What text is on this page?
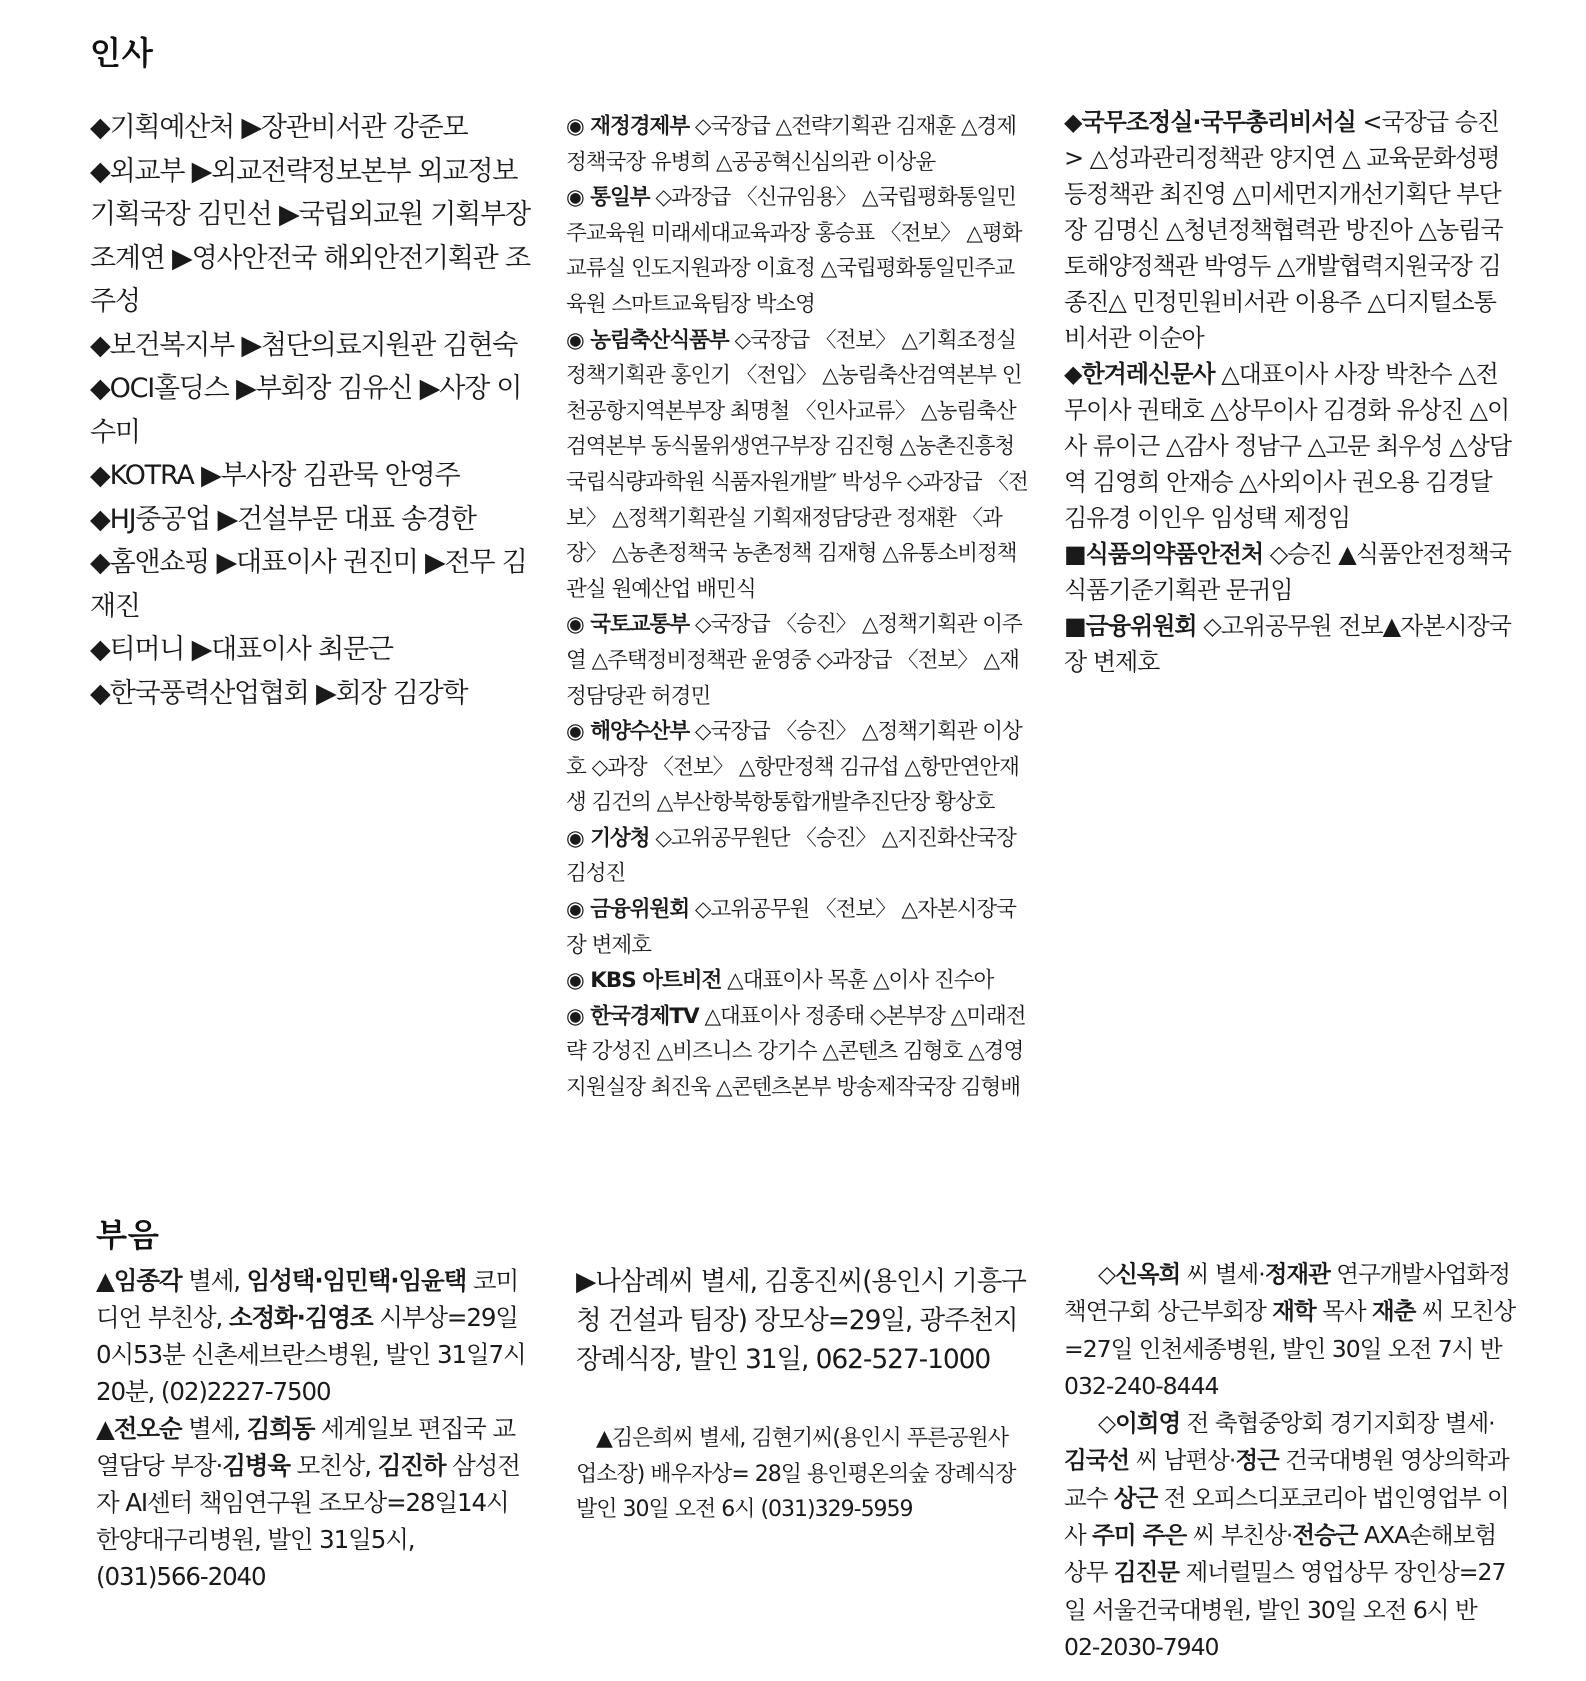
인사

◆기획예산처 ▶장관비서관 강준모

◆외교부 ▶외교전략정보본부 외교정보기획국장 김민선 ▶국립외교원 기획부장 조계연 ▶영사안전국 해외안전기획관 조주성

◆보건복지부 ▶첨단의료지원관 김현숙

◆OCI홀딩스 ▶부회장 김유신 ▶사장 이수미

◆KOTRA ▶부사장 김관묵 안영주

◆HJ중공업 ▶건설부문 대표 송경한

◆홈앤쇼핑 ▶대표이사 권진미 ▶전무 김재진

◆티머니 ▶대표이사 최문근

◆한국풍력산업협회 ▶회장 김강학

◉ 재정경제부 ◇국장급 △전략기획관 김재훈 △경제정책국장 유병희 △공공혁신심의관 이상윤

◉ 통일부 ◇과장급 〈신규임용〉 △국립평화통일민주교육원 미래세대교육과장 홍승표 〈전보〉 △평화교류실 인도지원과장 이효정 △국립평화통일민주교육원 스마트교육팀장 박소영

◉ 농림축산식품부 ◇국장급 〈전보〉 △기획조정실 정책기획관 홍인기 〈전입〉 △농림축산검역본부 인천공항지역본부장 최명철 〈인사교류〉 △농림축산검역본부 동식물위생연구부장 김진형 △농촌진흥청 국립식량과학원 식품자원개발″ 박성우 ◇과장급 〈전보〉 △정책기획관실 기획재정담당관 정재환 〈과장〉 △농촌정책국 농촌정책 김재형 △유통소비정책관실 원예산업 배민식

◉ 국토교통부 ◇국장급 〈승진〉 △정책기획관 이주열 △주택정비정책관 윤영중 ◇과장급 〈전보〉 △재정담당관 허경민

◉ 해양수산부 ◇국장급 〈승진〉 △정책기획관 이상호 ◇과장 〈전보〉 △항만정책 김규섭 △항만연안재생 김건의 △부산항북항통합개발추진단장 황상호

◉ 기상청 ◇고위공무원단 〈승진〉 △지진화산국장 김성진

◉ 금융위원회 ◇고위공무원 〈전보〉 △자본시장국장 변제호

◉ KBS 아트비전 △대표이사 목훈 △이사 진수아

◉ 한국경제TV △대표이사 정종태 ◇본부장 △미래전략 강성진 △비즈니스 강기수 △콘텐츠 김형호 △경영지원실장 최진욱 △콘텐츠본부 방송제작국장 김형배

◆국무조정실·국무총리비서실 <국장급 승진> △성과관리정책관 양지연 △ 교육문화성평등정책관 최진영 △미세먼지개선기획단 부단장 김명신 △청년정책협력관 방진아 △농림국토해양정책관 박영두 △개발협력지원국장 김종진△ 민정민원비서관 이용주 △디지털소통비서관 이순아

◆한겨레신문사 △대표이사 사장 박찬수 △전무이사 권태호 △상무이사 김경화 유상진 △이사 류이근 △감사 정남구 △고문 최우성 △상담역 김영희 안재승 △사외이사 권오용 김경달 김유경 이인우 임성택 제정임

■식품의약품안전처 ◇승진 ▲식품안전정책국 식품기준기획관 문귀임

■금융위원회 ◇고위공무원 전보▲자본시장국장 변제호

부음

▲임종각 별세, 임성택·임민택·임윤택 코미디언 부친상, 소정화·김영조 시부상=29일0시53분 신촌세브란스병원, 발인 31일7시20분, (02)2227-7500

▲전오순 별세, 김희동 세계일보 편집국 교열담당 부장·김병육 모친상, 김진하 삼성전자 AI센터 책임연구원 조모상=28일14시 한양대구리병원, 발인 31일5시, (031)566-2040

▶나삼례씨 별세, 김홍진씨(용인시 기흥구청 건설과 팀장) 장모상=29일, 광주천지장례식장, 발인 31일, 062-527-1000

▲김은희씨 별세, 김현기씨(용인시 푸른공원사업소장) 배우자상= 28일 용인평온의숲 장례식장 발인 30일 오전 6시 (031)329-5959

◇신옥희 씨 별세·정재관 연구개발사업화정책연구회 상근부회장 재학 목사 재춘 씨 모친상=27일 인천세종병원, 발인 30일 오전 7시 반 032-240-8444

◇이희영 전 축협중앙회 경기지회장 별세·김국선 씨 남편상·정근 건국대병원 영상의학과 교수 상근 전 오피스디포코리아 법인영업부 이사 주미 주은 씨 부친상·전승근 AXA손해보험 상무 김진문 제너럴밀스 영업상무 장인상=27일 서울건국대병원, 발인 30일 오전 6시 반 02-2030-7940
